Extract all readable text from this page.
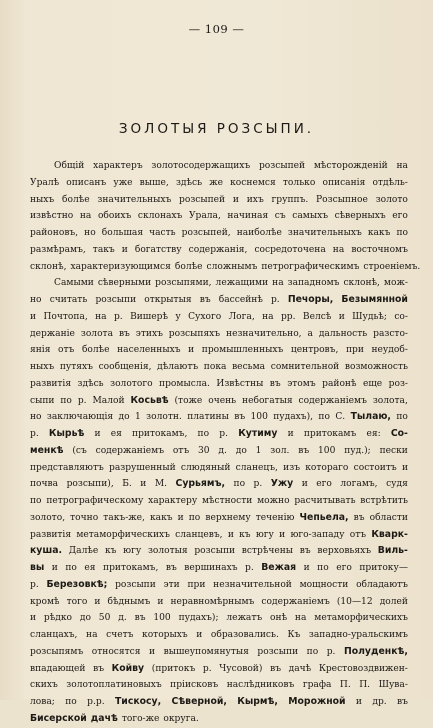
— 109 —
ЗОЛОТЫЯ РОЗСЫПИ.
Общій характеръ золотосодержащихъ розсыпей мѣсторожденій на
Уралѣ описанъ уже выше, здѣсь же коснемся только описанія отдѣль-
ныхъ болѣе значительныхъ розсыпей и ихъ группъ. Розсыпное золото
извѣстно на обоихъ склонахъ Урала, начиная съ самыхъ сѣверныхъ его
районовъ, но большая часть розсыпей, наиболѣе значительныхъ какъ по
размѣрамъ, такъ и богатству содержанія, сосредоточена на восточномъ
склонѣ, характеризующимся болѣе сложнымъ петрографическимъ строеніемъ.
Самыми сѣверными розсыпями, лежащими на западномъ склонѣ, мож-
но считать розсыпи открытыя въ бассейнѣ р. Печоры, Безымянной
и Почтопа, на р. Вишерѣ у Сухого Лога, на рр. Велсѣ и Шудьѣ; со-
держаніе золота въ этихъ розсыпяхъ незначительно, а дальность разсто-
янія отъ болѣе населенныхъ и промышленныхъ центровъ, при неудоб-
ныхъ путяхъ сообщенія, дѣлаютъ пока весьма сомнительной возможность
развитія здѣсь золотого промысла. Извѣстны въ этомъ районѣ еще роз-
сыпи по р. Малой Косьвѣ (тоже очень небогатыя содержаніемъ золота,
но заключающія до 1 золотн. платины въ 100 пудахъ), по С. Тылаю, по
р. Кырьѣ и ея притокамъ, по р. Кутиму и притокамъ ея: Со-
менкѣ (съ содержаніемъ отъ 30 д. до 1 зол. въ 100 пуд.); пески
представляютъ разрушенный слюдяный сланецъ, изъ котораго состоитъ и
почва розсыпи), Б. и М. Сурьямъ, по р. Ужу и его логамъ, судя
по петрографическому характеру мѣстности можно расчитывать встрѣтить
золото, точно такъ-же, какъ и по верхнему теченію Чепьела, въ области
развитія метаморфическихъ сланцевъ, и къ югу и юго-западу отъ Кварк-
куша. Далѣе къ югу золотыя розсыпи встрѣчены въ верховьяхъ Виль-
вы и по ея притокамъ, въ вершинахъ р. Вежая и по его притоку—
р. Березовкѣ; розсыпи эти при незначительной мощности обладаютъ
кромѣ того и бѣднымъ и неравномѣрнымъ содержаніемъ (10—12 долей
и рѣдко до 50 д. въ 100 пудахъ); лежатъ онѣ на метаморфическихъ
сланцахъ, на счетъ которыхъ и образовались. Къ западно-уральскимъ
розсыпямъ относятся и вышеупомянутыя розсыпи по р. Полуденкѣ,
впадающей въ Койву (притокъ р. Чусовой) въ дачѣ Крестовоздвижен-
скихъ золотоплатиновыхъ пріисковъ наслѣдниковъ графа П. П. Шува-
лова; по р.р. Тискосу, Сѣверной, Кырмѣ, Морожной и др. въ
Бисерской дачѣ того-же округа.
